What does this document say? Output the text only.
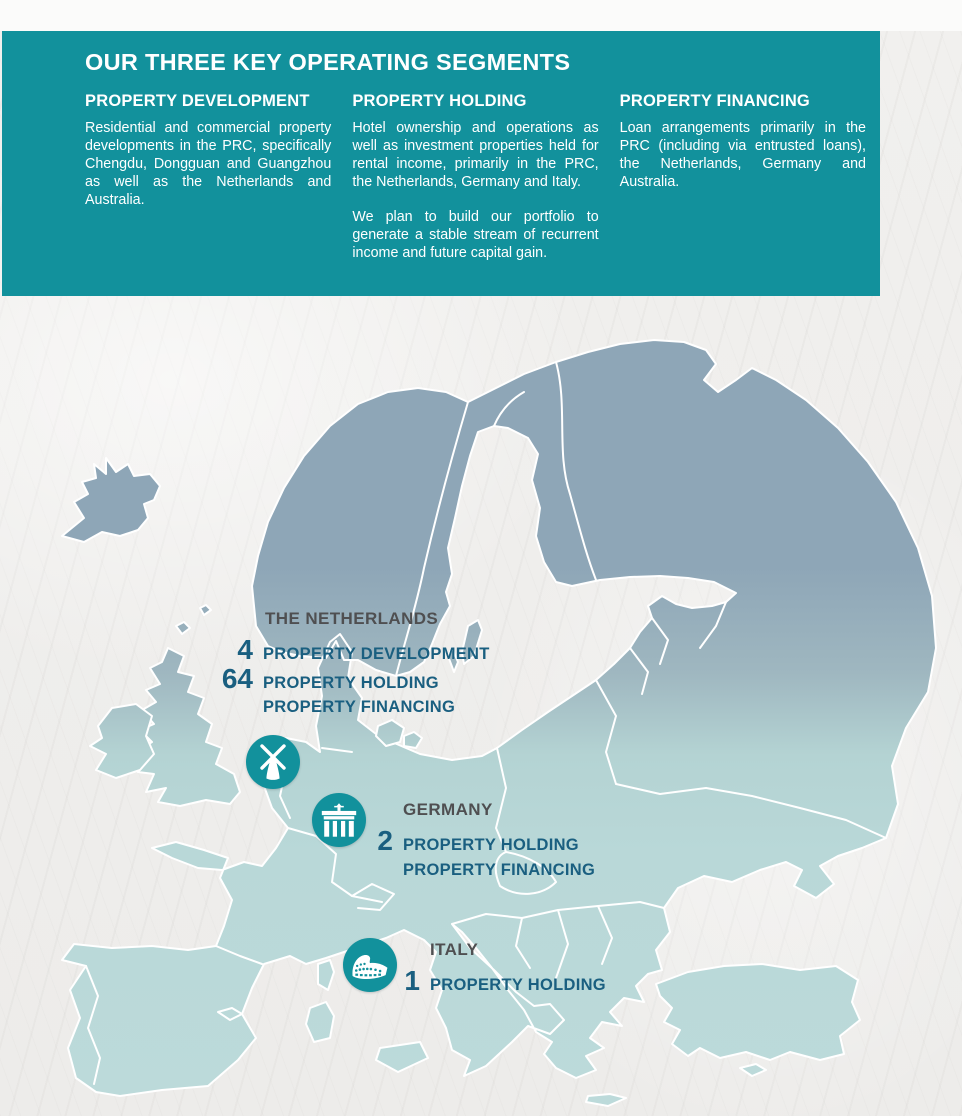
OUR THREE KEY OPERATING SEGMENTS
PROPERTY DEVELOPMENT

Residential and commercial property developments in the PRC, specifically Chengdu, Dongguan and Guangzhou as well as the Netherlands and Australia.

PROPERTY HOLDING

Hotel ownership and operations as well as investment properties held for rental income, primarily in the PRC, the Netherlands, Germany and Italy.

We plan to build our portfolio to generate a stable stream of recurrent income and future capital gain.

PROPERTY FINANCING

Loan arrangements primarily in the PRC (including via entrusted loans), the Netherlands, Germany and Australia.

THE NETHERLANDS
4 PROPERTY DEVELOPMENT
64 PROPERTY HOLDING
PROPERTY FINANCING
GERMANY
2 PROPERTY HOLDING
PROPERTY FINANCING
ITALY
1 PROPERTY HOLDING
